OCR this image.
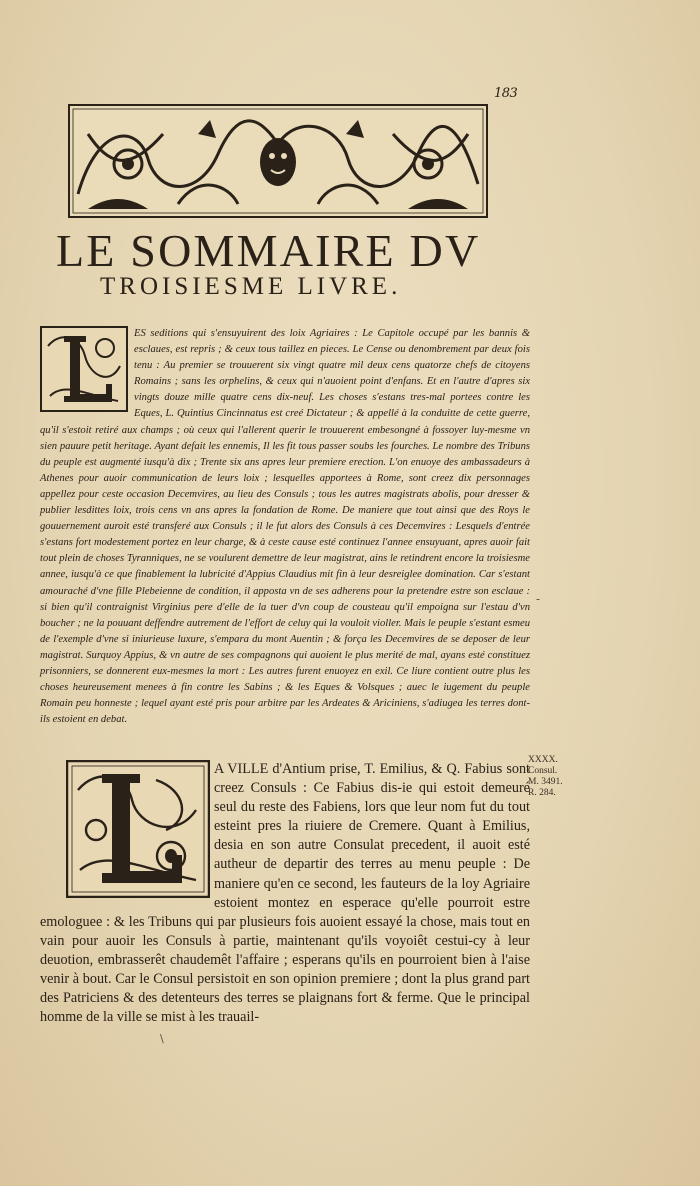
183
LE SOMMAIRE DV
TROISIESME LIVRE.

ES seditions qui s'ensuyuirent des loix Agriaires : Le Capitole occupé par les bannis & esclaues, est repris ; & ceux tous taillez en pieces. Le Cense ou denombrement par deux fois tenu : Au premier se trouuerent six vingt quatre mil deux cens quatorze chefs de citoyens Romains ; sans les orphelins, & ceux qui n'auoient point d'enfans. Et en l'autre d'apres six vingts douze mille quatre cens dix-neuf. Les choses s'estans tres-mal portees contre les Eques, L. Quintius Cincinnatus est creé Dictateur ; & appellé à la conduitte de cette guerre, qu'il s'estoit retiré aux champs ; où ceux qui l'allerent querir le trouuerent embesongné à fossoyer luy-mesme vn sien pauure petit heritage. Ayant defait les ennemis, Il les fit tous passer soubs les fourches. Le nombre des Tribuns du peuple est augmenté iusqu'à dix ; Trente six ans apres leur premiere erection. L'on enuoye des ambassadeurs à Athenes pour auoir communication de leurs loix ; lesquelles apportees à Rome, sont creez dix personnages appellez pour ceste occasion Decemvires, au lieu des Consuls ; tous les autres magistrats abolis, pour dresser & publier lesdittes loix, trois cens vn ans apres la fondation de Rome. De maniere que tout ainsi que des Roys le gouuernement auroit esté transferé aux Consuls ; il le fut alors des Consuls à ces Decemvires : Lesquels d'entrée s'estans fort modestement portez en leur charge, & à ceste cause esté continuez l'annee ensuyuant, apres auoir fait tout plein de choses Tyranniques, ne se voulurent demettre de leur magistrat, ains le retindrent encore la troisiesme annee, iusqu'à ce que finablement la lubricité d'Appius Claudius mit fin à leur desreiglee domination. Car s'estant amouraché d'vne fille Plebeienne de condition, il apposta vn de ses adherens pour la pretendre estre son esclaue : si bien qu'il contraignist Virginius pere d'elle de la tuer d'vn coup de cousteau qu'il empoigna sur l'estau d'vn boucher ; ne la pouuant deffendre autrement de l'effort de celuy qui la vouloit violler. Mais le peuple s'estant esmeu de l'exemple d'vne si iniurieuse luxure, s'empara du mont Auentin ; & força les Decemvires de se deposer de leur magistrat. Surquoy Appius, & vn autre de ses compagnons qui auoient le plus merité de mal, ayans esté constituez prisonniers, se donnerent eux-mesmes la mort : Les autres furent enuoyez en exil. Ce liure contient outre plus les choses heureusement menees à fin contre les Sabins ; & les Eques & Volsques ; auec le iugement du peuple Romain peu honneste ; lequel ayant esté pris pour arbitre par les Ardeates & Ariciniens, s'adiugea les terres dont-ils estoient en debat.

A VILLE d'Antium prise, T. Emilius, & Q. Fabius sont creez Consuls : Ce Fabius dis-ie qui estoit demeuré seul du reste des Fabiens, lors que leur nom fut du tout esteint pres la riuiere de Cremere. Quant à Emilius, desia en son autre Consulat precedent, il auoit esté autheur de departir des terres au menu peuple : De maniere qu'en ce second, les fauteurs de la loy Agriaire estoient montez en esperace qu'elle pourroit estre emologuee : & les Tribuns qui par plusieurs fois auoient essayé la chose, mais tout en vain pour auoir les Consuls à partie, maintenant qu'ils voyoiêt cestui-cy à leur deuotion, embrasserêt chaudemêt l'affaire ; esperans qu'ils en pourroient bien à l'aise venir à bout. Car le Consul persistoit en son opinion premiere ; dont la plus grand part des Patriciens & des detenteurs des terres se plaignans fort & ferme. Que le principal homme de la ville se mist à les trauail-

XXXX.
Consul.
M. 3491.
R. 284.
-
\
